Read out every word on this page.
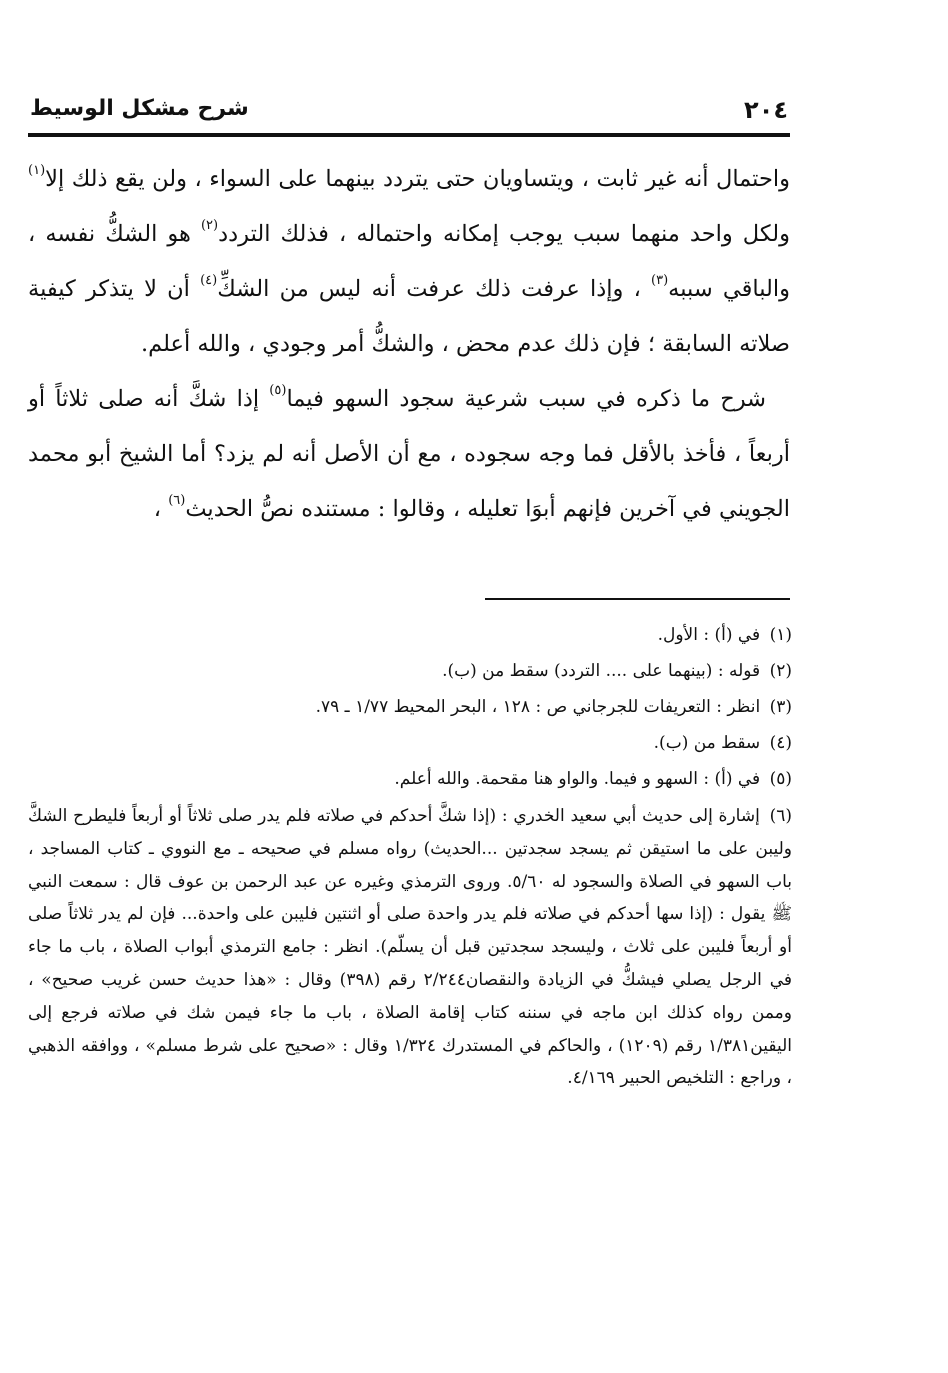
٢٠٤
شرح مشكل الوسيط

واحتمال أنه غير ثابت ، ويتساويان حتى يتردد بينهما على السواء ، ولن يقع ذلك إلا$^{(١)}$ ولكل واحد منهما سبب يوجب إمكانه واحتماله ، فذلك التردد$^{(٢)}$ هو الشكُّ نفسه ، والباقي سببه$^{(٣)}$ ، وإذا عرفت ذلك عرفت أنه ليس من الشكِّ$^{(٤)}$ أن لا يتذكر كيفية صلاته السابقة ؛ فإن ذلك عدم محض ، والشكُّ أمر وجودي ، والله أعلم.

شرح ما ذكره في سبب شرعية سجود السهو فيما$^{(٥)}$ إذا شكَّ أنه صلى ثلاثاً أو أربعاً ، فأخذ بالأقل فما وجه سجوده ، مع أن الأصل أنه لم يزد؟ أما الشيخ أبو محمد الجويني في آخرين فإنهم أبوَا تعليله ، وقالوا : مستنده نصُّ الحديث$^{(٦)}$ ،

(١) في (أ) : الأول.

(٢) قوله : (بينهما على .... التردد) سقط من (ب).

(٣) انظر : التعريفات للجرجاني ص : ١٢٨ ، البحر المحيط ١/٧٧ ـ ٧٩.

(٤) سقط من (ب).

(٥) في (أ) : السهو و فيما. والواو هنا مقحمة. والله أعلم.

(٦) إشارة إلى حديث أبي سعيد الخدري : (إذا شكَّ أحدكم في صلاته فلم يدر صلى ثلاثاً أو أربعاً فليطرح الشكَّ وليبن على ما استيقن ثم يسجد سجدتين ...الحديث) رواه مسلم في صحيحه ـ مع النووي ـ كتاب المساجد ، باب السهو في الصلاة والسجود له ٥/٦٠. وروى الترمذي وغيره عن عبد الرحمن بن عوف قال : سمعت النبي ﷺ يقول : (إذا سها أحدكم في صلاته فلم يدر واحدة صلى أو اثنتين فليبن على واحدة... فإن لم يدر ثلاثاً صلى أو أربعاً فليبن على ثلاث ، وليسجد سجدتين قبل أن يسلّم). انظر : جامع الترمذي أبواب الصلاة ، باب ما جاء في الرجل يصلي فيشكُّ في الزيادة والنقصان٢/٢٤٤ رقم (٣٩٨) وقال : «هذا حديث حسن غريب صحيح» ، وممن رواه كذلك ابن ماجه في سننه كتاب إقامة الصلاة ، باب ما جاء فيمن شك في صلاته فرجع إلى اليقين١/٣٨١ رقم (١٢٠٩) ، والحاكم في المستدرك ١/٣٢٤ وقال : «صحيح على شرط مسلم» ، ووافقه الذهبي ، وراجع : التلخيص الحبير ٤/١٦٩.
